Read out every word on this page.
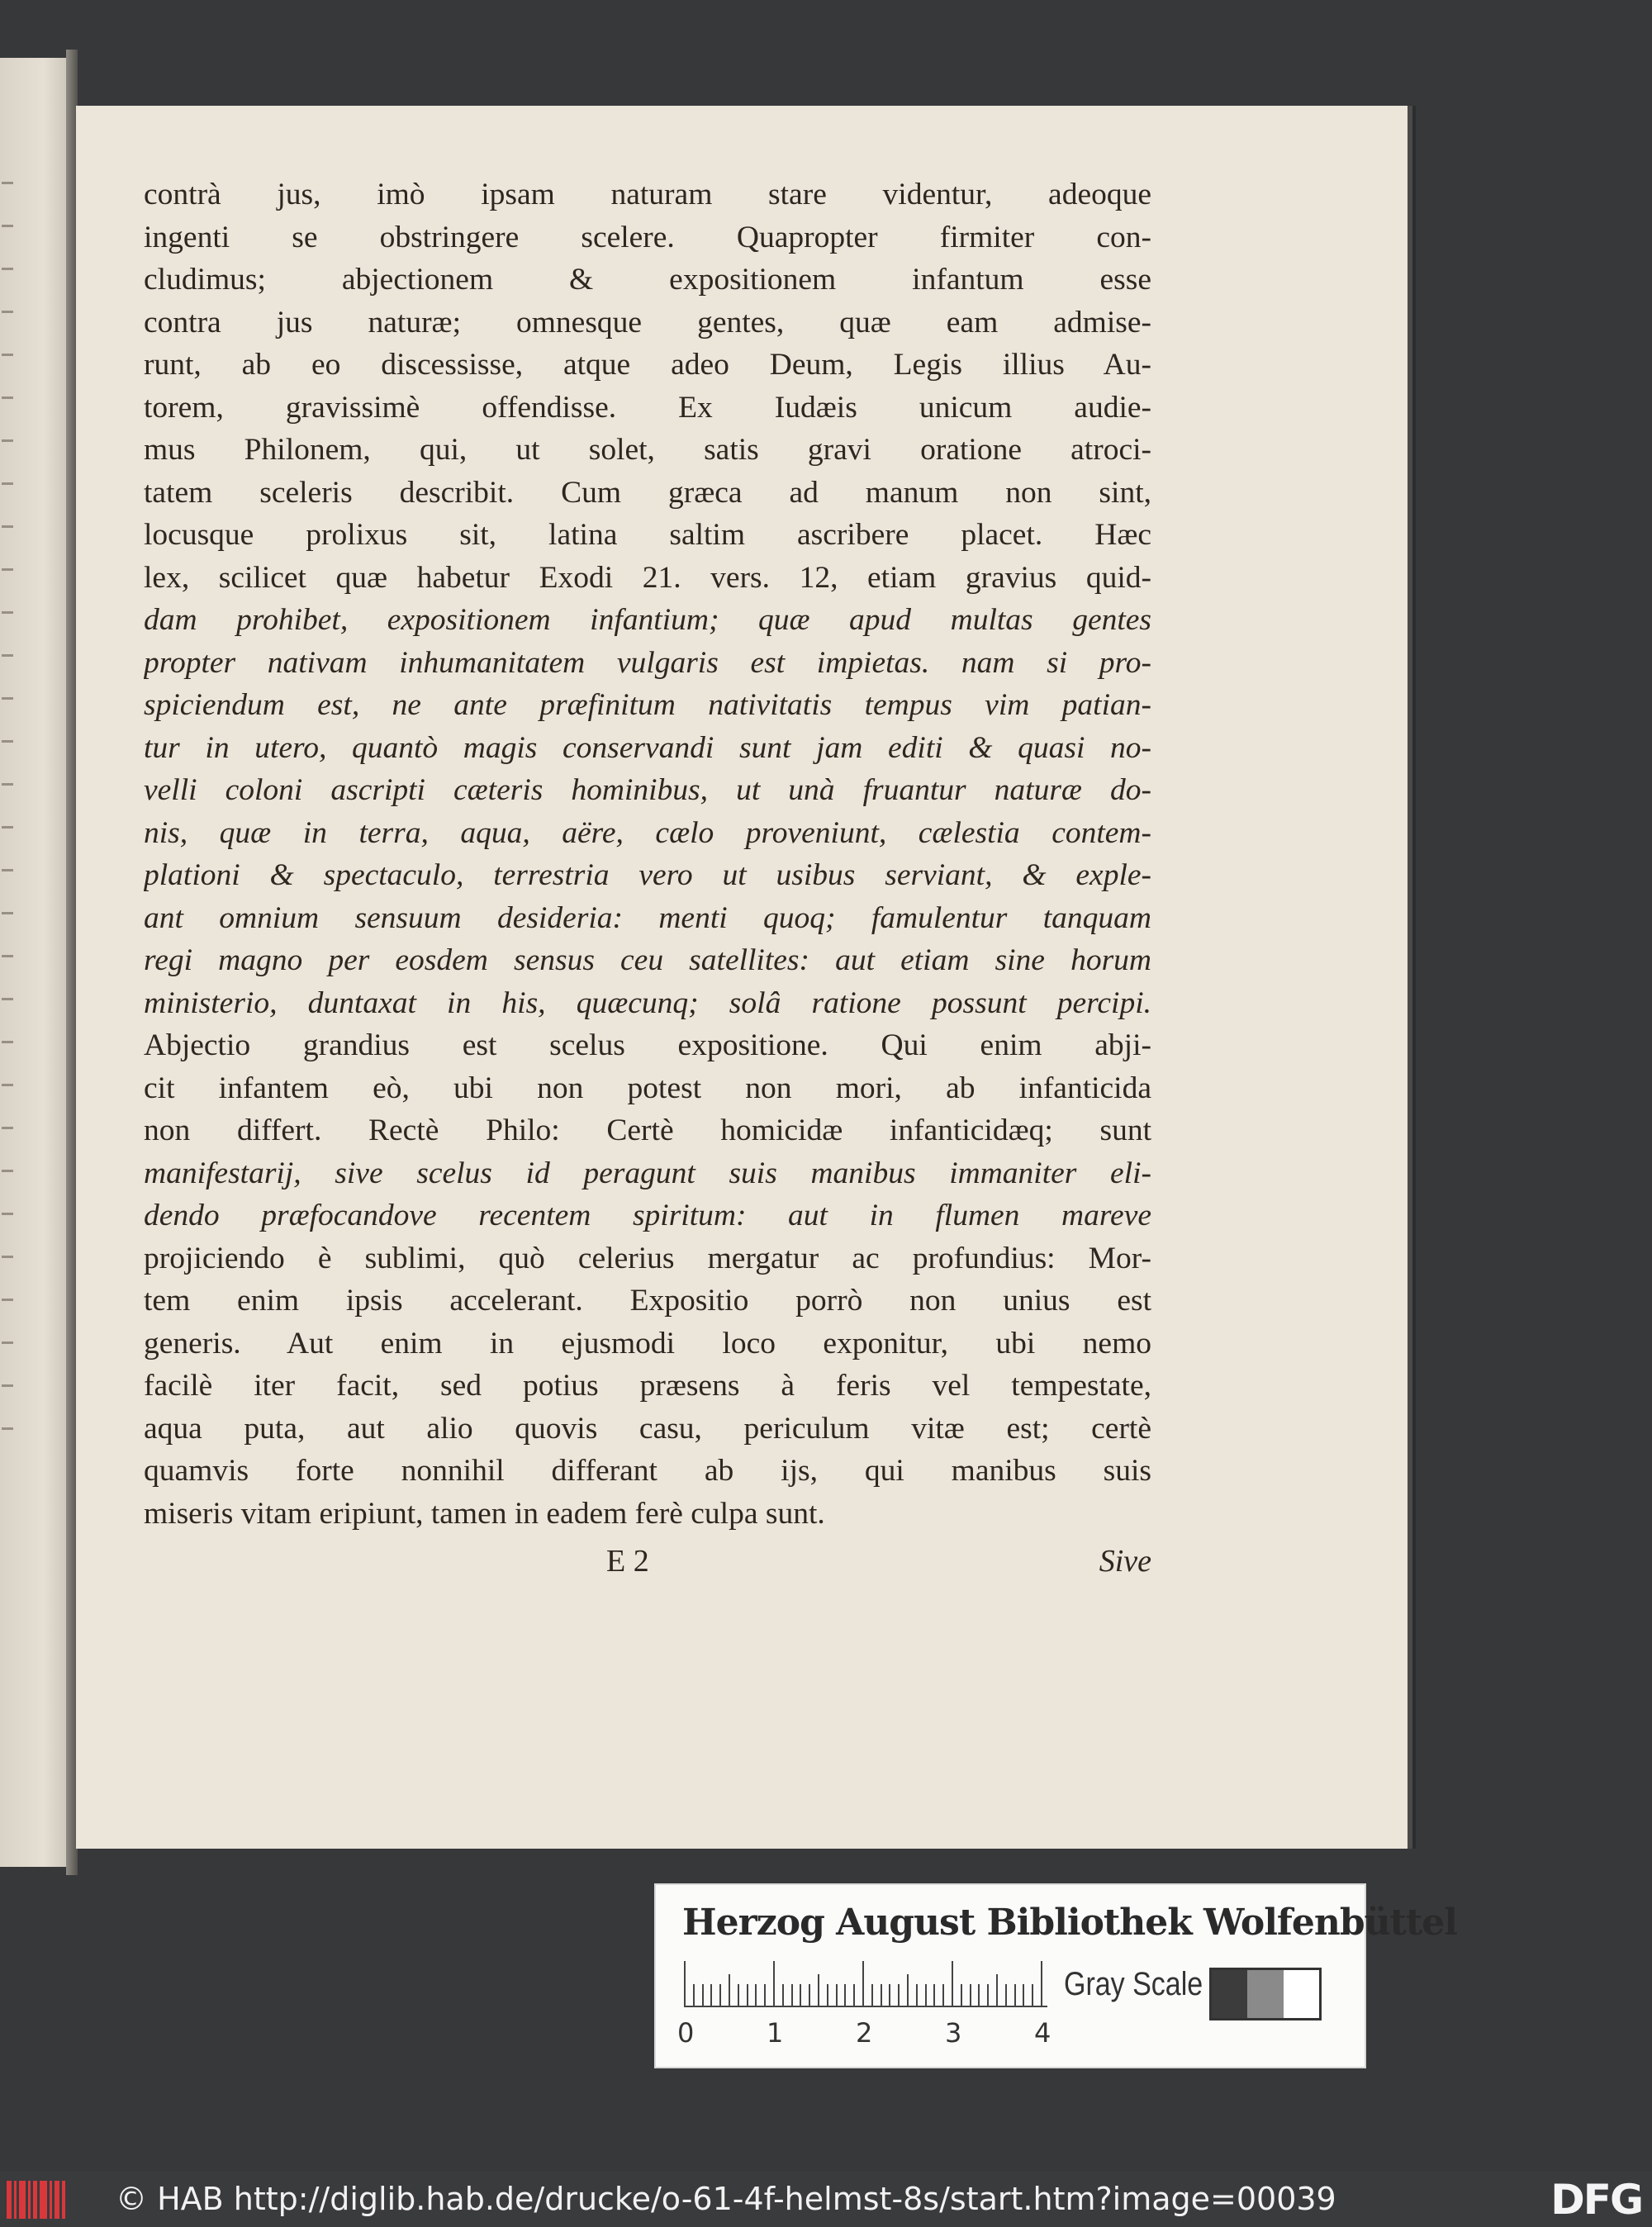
contrà jus, imò ipsam naturam stare videntur, adeoque
ingenti se obstringere scelere. Quapropter firmiter con-
cludimus; abjectionem & expositionem infantum esse
contra jus naturæ; omnesque gentes, quæ eam admise-
runt, ab eo discessisse, atque adeo Deum, Legis illius Au-
torem, gravissimè offendisse. Ex Iudæis unicum audie-
mus Philonem, qui, ut solet, satis gravi oratione atroci-
tatem sceleris describit. Cum græca ad manum non sint,
locusque prolixus sit, latina saltim ascribere placet. Hæc
lex, scilicet quæ habetur Exodi 21. vers. 12, etiam gravius quid-
dam prohibet, expositionem infantium; quæ apud multas gentes
propter nativam inhumanitatem vulgaris est impietas. nam si pro-
spiciendum est, ne ante præfinitum nativitatis tempus vim patian-
tur in utero, quantò magis conservandi sunt jam editi & quasi no-
velli coloni ascripti cæteris hominibus, ut unà fruantur naturæ do-
nis, quæ in terra, aqua, aëre, cælo proveniunt, cælestia contem-
plationi & spectaculo, terrestria vero ut usibus serviant, & exple-
ant omnium sensuum desideria: menti quoq; famulentur tanquam
regi magno per eosdem sensus ceu satellites: aut etiam sine horum
ministerio, duntaxat in his, quæcunq; solâ ratione possunt percipi.
Abjectio grandius est scelus expositione. Qui enim abji-
cit infantem eò, ubi non potest non mori, ab infanticida
non differt. Rectè Philo: Certè homicidæ infanticidæq; sunt
manifestarij, sive scelus id peragunt suis manibus immaniter eli-
dendo præfocandove recentem spiritum: aut in flumen mareve
projiciendo è sublimi, quò celerius mergatur ac profundius: Mor-
tem enim ipsis accelerant. Expositio porrò non unius est
generis. Aut enim in ejusmodi loco exponitur, ubi nemo
facilè iter facit, sed potius præsens à feris vel tempestate,
aqua puta, aut alio quovis casu, periculum vitæ est; certè
quamvis forte nonnihil differant ab ijs, qui manibus suis
miseris vitam eripiunt, tamen in eadem ferè culpa sunt.
E 2	Sive
Herzog August Bibliothek Wolfenbüttel
0	1	2	3	4
Gray Scale
© HAB http://diglib.hab.de/drucke/o-61-4f-helmst-8s/start.htm?image=00039	DFG
